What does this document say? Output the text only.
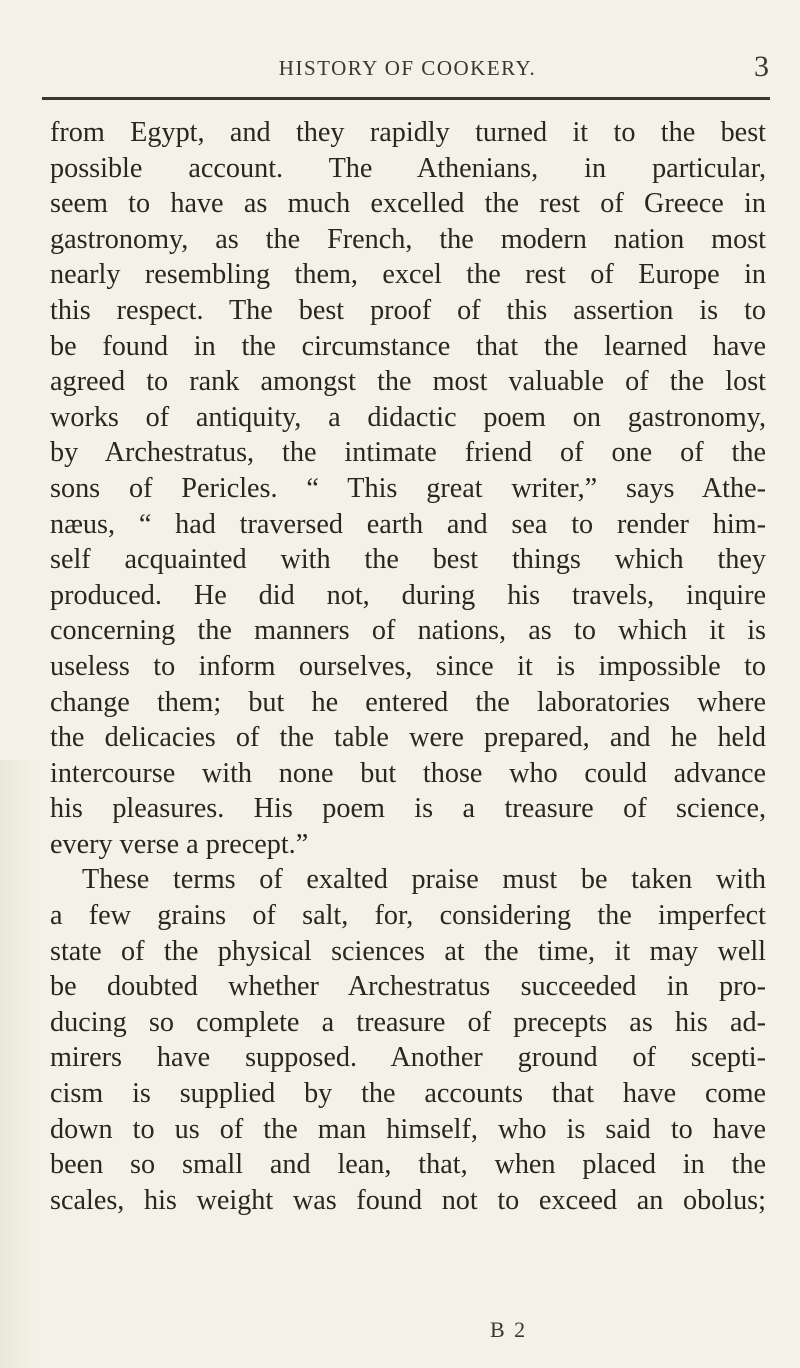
HISTORY OF COOKERY.	3
from Egypt, and they rapidly turned it to the best
possible account. The Athenians, in particular,
seem to have as much excelled the rest of Greece in
gastronomy, as the French, the modern nation most
nearly resembling them, excel the rest of Europe in
this respect. The best proof of this assertion is to
be found in the circumstance that the learned have
agreed to rank amongst the most valuable of the lost
works of antiquity, a didactic poem on gastronomy,
by Archestratus, the intimate friend of one of the
sons of Pericles. “ This great writer,” says Athe-
næus, “ had traversed earth and sea to render him-
self acquainted with the best things which they
produced. He did not, during his travels, inquire
concerning the manners of nations, as to which it is
useless to inform ourselves, since it is impossible to
change them; but he entered the laboratories where
the delicacies of the table were prepared, and he held
intercourse with none but those who could advance
his pleasures. His poem is a treasure of science,
every verse a precept.”
These terms of exalted praise must be taken with
a few grains of salt, for, considering the imperfect
state of the physical sciences at the time, it may well
be doubted whether Archestratus succeeded in pro-
ducing so complete a treasure of precepts as his ad-
mirers have supposed. Another ground of scepti-
cism is supplied by the accounts that have come
down to us of the man himself, who is said to have
been so small and lean, that, when placed in the
scales, his weight was found not to exceed an obolus;
B 2
